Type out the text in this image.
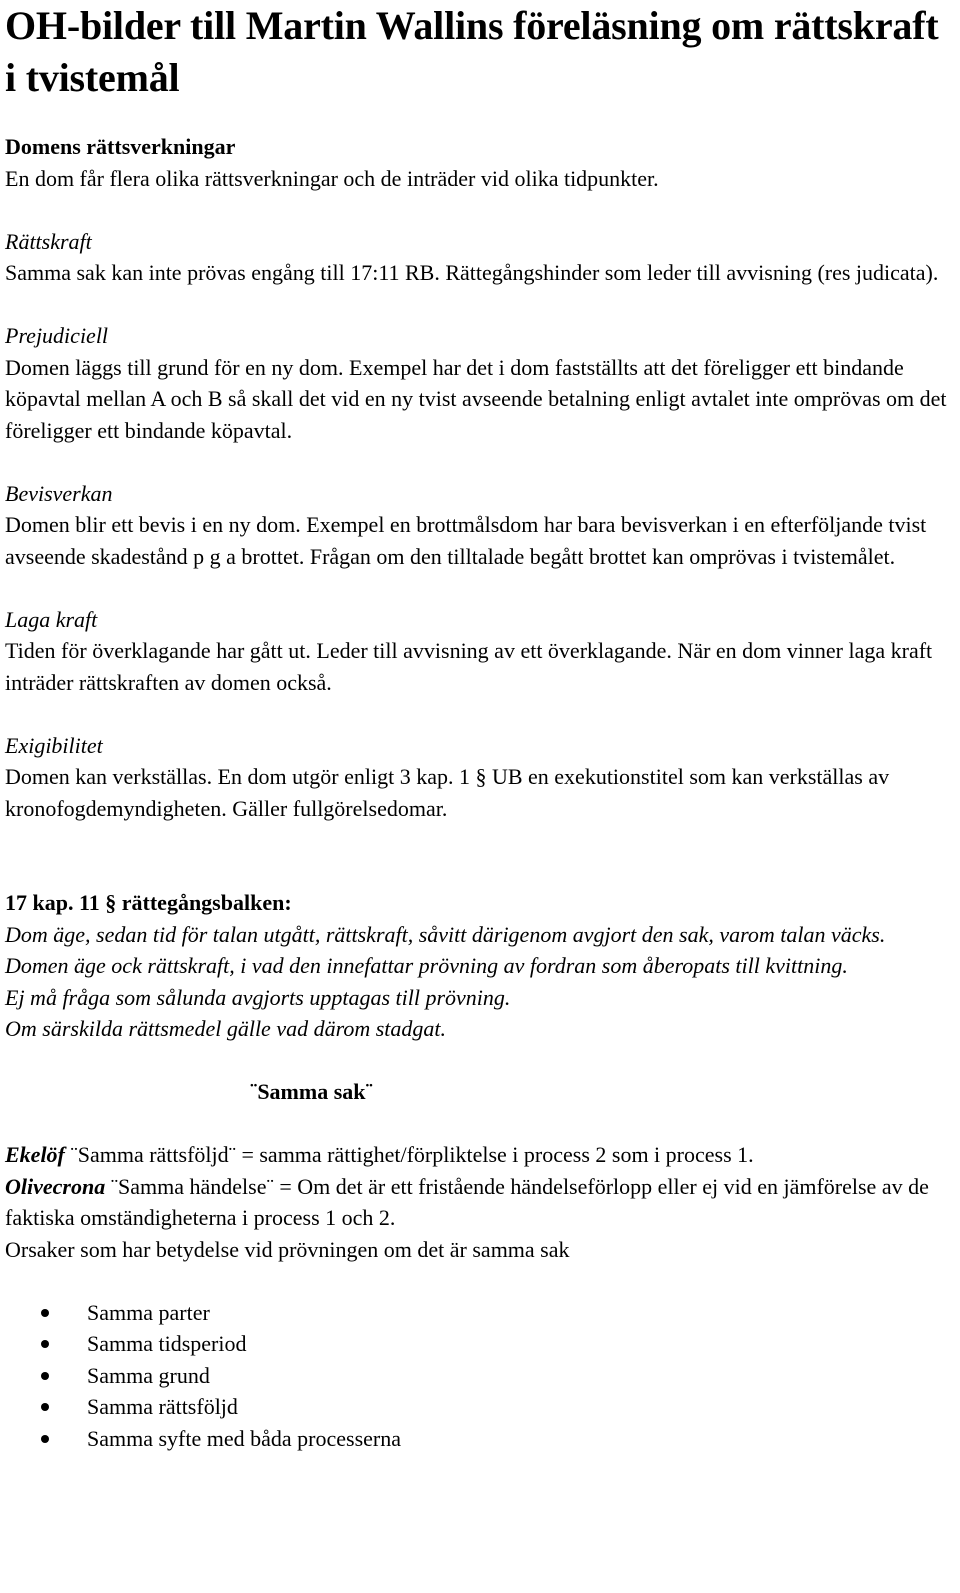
OH-bilder till Martin Wallins föreläsning om rättskraft i tvistemål

Domens rättsverkningar

En dom får flera olika rättsverkningar och de inträder vid olika tidpunkter.

Rättskraft

Samma sak kan inte prövas engång till 17:11 RB. Rättegångshinder som leder till avvisning (res judicata).

Prejudiciell

Domen läggs till grund för en ny dom. Exempel har det i dom fastställts att det föreligger ett bindande köpavtal mellan A och B så skall det vid en ny tvist avseende betalning enligt avtalet inte omprövas om det föreligger ett bindande köpavtal.

Bevisverkan

Domen blir ett bevis i en ny dom. Exempel en brottmålsdom har bara bevisverkan i en efterföljande tvist avseende skadestånd p g a brottet. Frågan om den tilltalade begått brottet kan omprövas i tvistemålet.

Laga kraft

Tiden för överklagande har gått ut. Leder till avvisning av ett överklagande. När en dom vinner laga kraft inträder rättskraften av domen också.

Exigibilitet

Domen kan verkställas. En dom utgör enligt 3 kap. 1 § UB en exekutionstitel som kan verkställas av kronofogdemyndigheten. Gäller fullgörelsedomar.

17 kap. 11 § rättegångsbalken:

Dom äge, sedan tid för talan utgått, rättskraft, såvitt därigenom avgjort den sak, varom talan väcks.

Domen äge ock rättskraft, i vad den innefattar prövning av fordran som åberopats till kvittning.

Ej må fråga som sålunda avgjorts upptagas till prövning.

Om särskilda rättsmedel gälle vad därom stadgat.

¨Samma sak¨

Ekelöf ¨Samma rättsföljd¨ = samma rättighet/förpliktelse i process 2 som i process 1.

Olivecrona ¨Samma händelse¨ = Om det är ett fristående händelseförlopp eller ej vid en jämförelse av de faktiska omständigheterna i process 1 och 2.

Orsaker som har betydelse vid prövningen om det är samma sak

Samma parter
Samma tidsperiod
Samma grund
Samma rättsföljd
Samma syfte med båda processerna
